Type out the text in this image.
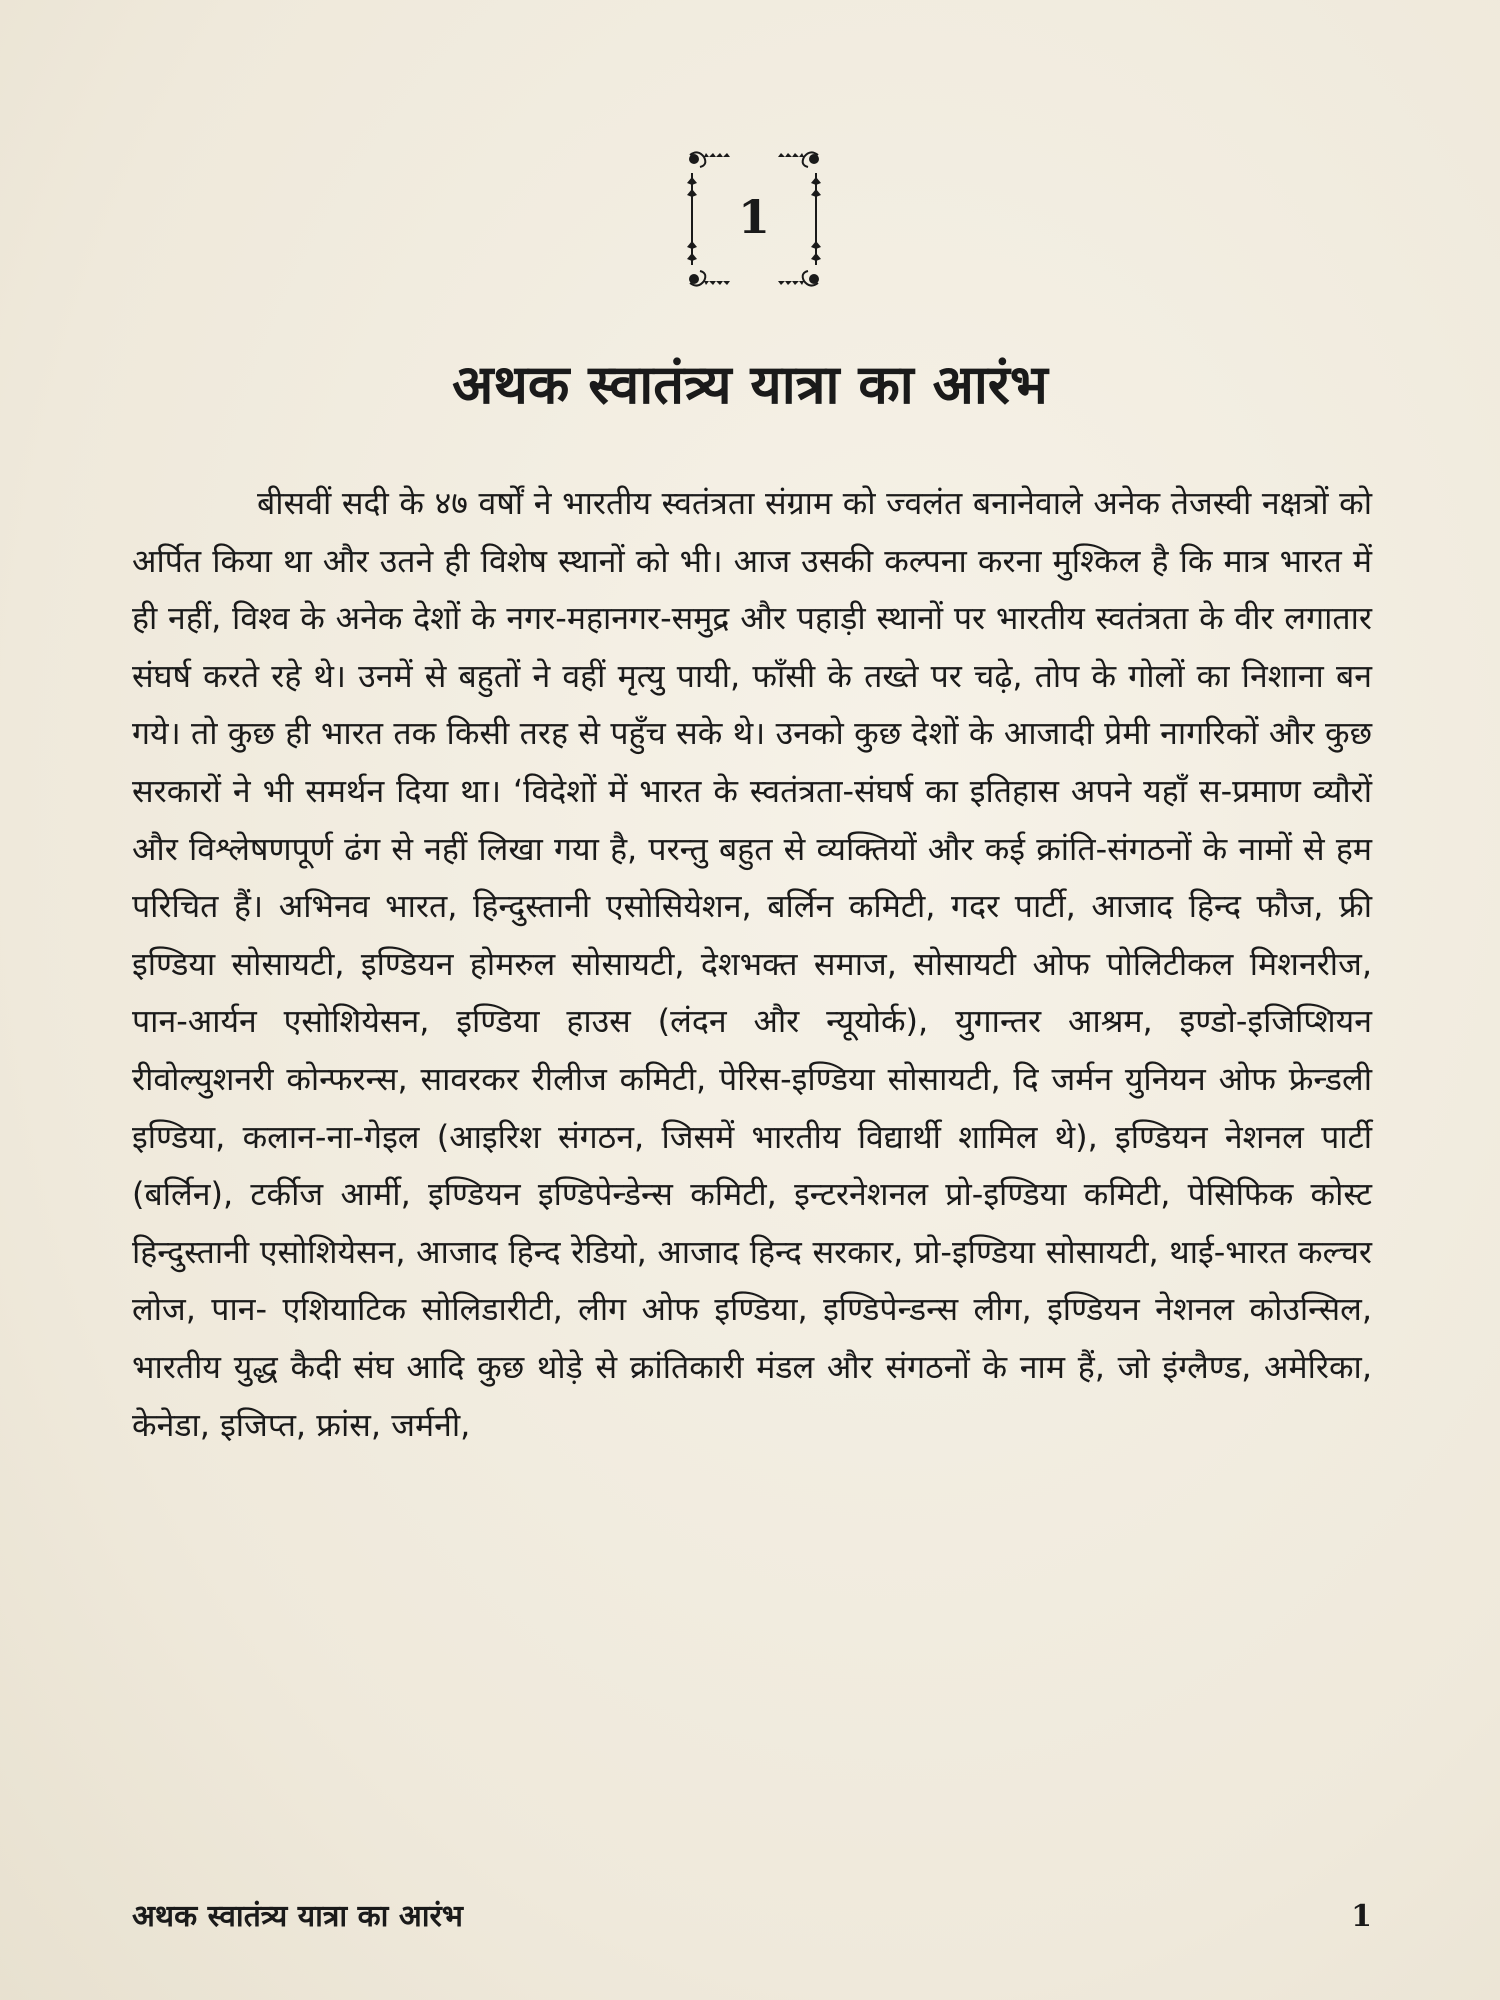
1
अथक स्वातंत्र्य यात्रा का आरंभ

बीसवीं सदी के ४७ वर्षों ने भारतीय स्वतंत्रता संग्राम को ज्वलंत बनानेवाले अनेक तेजस्वी नक्षत्रों को अर्पित किया था और उतने ही विशेष स्थानों को भी। आज उसकी कल्पना करना मुश्किल है कि मात्र भारत में ही नहीं, विश्व के अनेक देशों के नगर-महानगर-समुद्र और पहाड़ी स्थानों पर भारतीय स्वतंत्रता के वीर लगातार संघर्ष करते रहे थे। उनमें से बहुतों ने वहीं मृत्यु पायी, फाँसी के तख्ते पर चढ़े, तोप के गोलों का निशाना बन गये। तो कुछ ही भारत तक किसी तरह से पहुँच सके थे। उनको कुछ देशों के आजादी प्रेमी नागरिकों और कुछ सरकारों ने भी समर्थन दिया था। ‘विदेशों में भारत के स्वतंत्रता-संघर्ष का इतिहास अपने यहाँ स-प्रमाण व्यौरों और विश्लेषणपूर्ण ढंग से नहीं लिखा गया है, परन्तु बहुत से व्यक्तियों और कई क्रांति-संगठनों के नामों से हम परिचित हैं। अभिनव भारत, हिन्दुस्तानी एसोसियेशन, बर्लिन कमिटी, गदर पार्टी, आजाद हिन्द फौज, फ्री इण्डिया सोसायटी, इण्डियन होमरुल सोसायटी, देशभक्त समाज, सोसायटी ओफ पोलिटीकल मिशनरीज, पान-आर्यन एसोशियेसन, इण्डिया हाउस (लंदन और न्यूयोर्क), युगान्तर आश्रम, इण्डो-इजिप्शियन रीवोल्युशनरी कोन्फरन्स, सावरकर रीलीज कमिटी, पेरिस-इण्डिया सोसायटी, दि जर्मन युनियन ओफ फ्रेन्डली इण्डिया, कलान-ना-गेइल (आइरिश संगठन, जिसमें भारतीय विद्यार्थी शामिल थे), इण्डियन नेशनल पार्टी (बर्लिन), टर्कीज आर्मी, इण्डियन इण्डिपेन्डेन्स कमिटी, इन्टरनेशनल प्रो-इण्डिया कमिटी, पेसिफिक कोस्ट हिन्दुस्तानी एसोशियेसन, आजाद हिन्द रेडियो, आजाद हिन्द सरकार, प्रो-इण्डिया सोसायटी, थाई-भारत कल्चर लोज, पान- एशियाटिक सोलिडारीटी, लीग ओफ इण्डिया, इण्डिपेन्डन्स लीग, इण्डियन नेशनल कोउन्सिल, भारतीय युद्ध कैदी संघ आदि कुछ थोड़े से क्रांतिकारी मंडल और संगठनों के नाम हैं, जो इंग्लैण्ड, अमेरिका, केनेडा, इजिप्त, फ्रांस, जर्मनी,

अथक स्वातंत्र्य यात्रा का आरंभ	1
